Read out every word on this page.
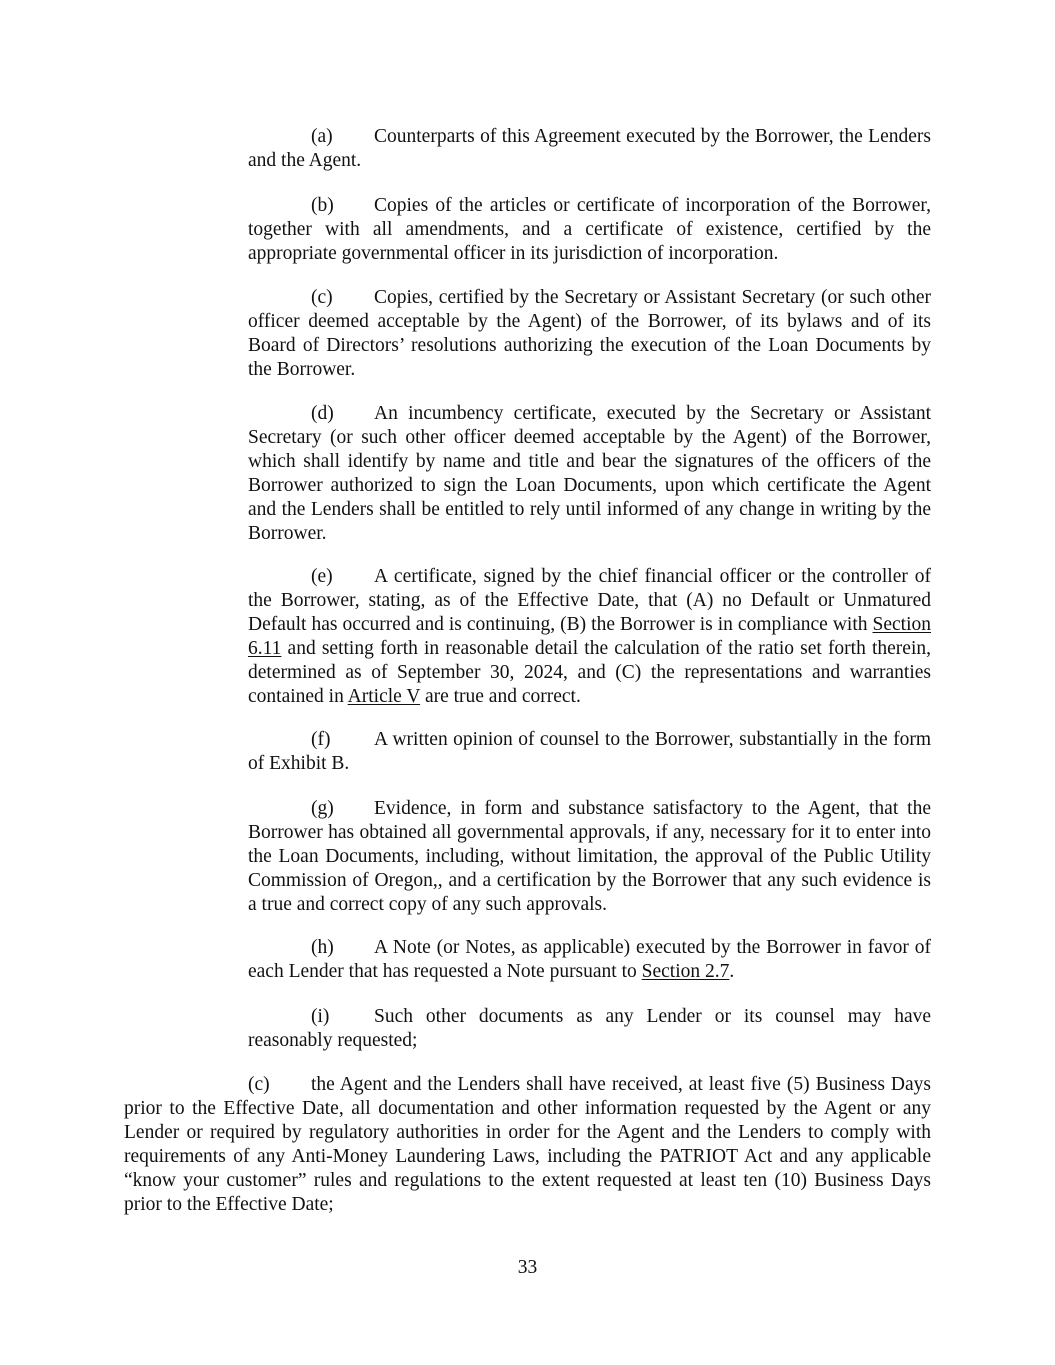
(a) Counterparts of this Agreement executed by the Borrower, the Lenders and the Agent.

(b) Copies of the articles or certificate of incorporation of the Borrower, together with all amendments, and a certificate of existence, certified by the appropriate governmental officer in its jurisdiction of incorporation.

(c) Copies, certified by the Secretary or Assistant Secretary (or such other officer deemed acceptable by the Agent) of the Borrower, of its bylaws and of its Board of Directors’ resolutions authorizing the execution of the Loan Documents by the Borrower.

(d) An incumbency certificate, executed by the Secretary or Assistant Secretary (or such other officer deemed acceptable by the Agent) of the Borrower, which shall identify by name and title and bear the signatures of the officers of the Borrower authorized to sign the Loan Documents, upon which certificate the Agent and the Lenders shall be entitled to rely until informed of any change in writing by the Borrower.

(e) A certificate, signed by the chief financial officer or the controller of the Borrower, stating, as of the Effective Date, that (A) no Default or Unmatured Default has occurred and is continuing, (B) the Borrower is in compliance with Section 6.11 and setting forth in reasonable detail the calculation of the ratio set forth therein, determined as of September 30, 2024, and (C) the representations and warranties contained in Article V are true and correct.

(f) A written opinion of counsel to the Borrower, substantially in the form of Exhibit B.

(g) Evidence, in form and substance satisfactory to the Agent, that the Borrower has obtained all governmental approvals, if any, necessary for it to enter into the Loan Documents, including, without limitation, the approval of the Public Utility Commission of Oregon,, and a certification by the Borrower that any such evidence is a true and correct copy of any such approvals.

(h) A Note (or Notes, as applicable) executed by the Borrower in favor of each Lender that has requested a Note pursuant to Section 2.7.

(i) Such other documents as any Lender or its counsel may have reasonably requested;

(c) the Agent and the Lenders shall have received, at least five (5) Business Days prior to the Effective Date, all documentation and other information requested by the Agent or any Lender or required by regulatory authorities in order for the Agent and the Lenders to comply with requirements of any Anti-Money Laundering Laws, including the PATRIOT Act and any applicable “know your customer” rules and regulations to the extent requested at least ten (10) Business Days prior to the Effective Date;

33
